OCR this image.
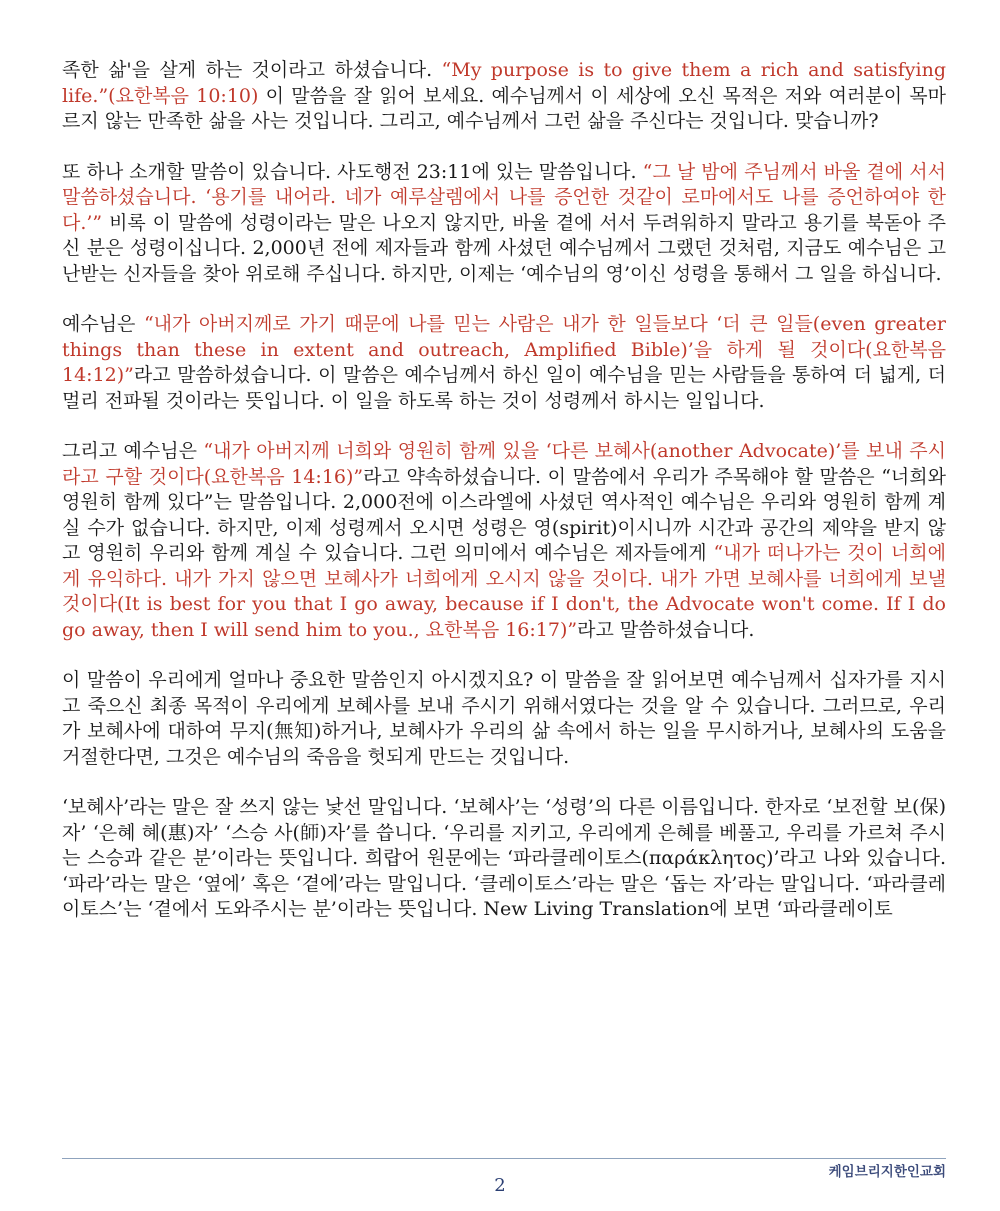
족한 삶'을 살게 하는 것이라고 하셨습니다. “My purpose is to give them a rich and satisfying life.”(요한복음 10:10) 이 말씀을 잘 읽어 보세요. 예수님께서 이 세상에 오신 목적은 저와 여러분이 목마르지 않는 만족한 삶을 사는 것입니다. 그리고, 예수님께서 그런 삶을 주신다는 것입니다. 맞습니까?

또 하나 소개할 말씀이 있습니다. 사도행전 23:11에 있는 말씀입니다. “그 날 밤에 주님께서 바울 곁에 서서 말씀하셨습니다. ‘용기를 내어라. 네가 예루살렘에서 나를 증언한 것같이 로마에서도 나를 증언하여야 한다.’” 비록 이 말씀에 성령이라는 말은 나오지 않지만, 바울 곁에 서서 두려워하지 말라고 용기를 북돋아 주신 분은 성령이십니다. 2,000년 전에 제자들과 함께 사셨던 예수님께서 그랬던 것처럼, 지금도 예수님은 고난받는 신자들을 찾아 위로해 주십니다. 하지만, 이제는 ‘예수님의 영’이신 성령을 통해서 그 일을 하십니다.

예수님은 “내가 아버지께로 가기 때문에 나를 믿는 사람은 내가 한 일들보다 ‘더 큰 일들(even greater things than these in extent and outreach, Amplified Bible)’을 하게 될 것이다(요한복음 14:12)”라고 말씀하셨습니다. 이 말씀은 예수님께서 하신 일이 예수님을 믿는 사람들을 통하여 더 넓게, 더 멀리 전파될 것이라는 뜻입니다. 이 일을 하도록 하는 것이 성령께서 하시는 일입니다.

그리고 예수님은 “내가 아버지께 너희와 영원히 함께 있을 ‘다른 보혜사(another Advocate)’를 보내 주시라고 구할 것이다(요한복음 14:16)”라고 약속하셨습니다. 이 말씀에서 우리가 주목해야 할 말씀은 “너희와 영원히 함께 있다”는 말씀입니다. 2,000전에 이스라엘에 사셨던 역사적인 예수님은 우리와 영원히 함께 계실 수가 없습니다. 하지만, 이제 성령께서 오시면 성령은 영(spirit)이시니까 시간과 공간의 제약을 받지 않고 영원히 우리와 함께 계실 수 있습니다. 그런 의미에서 예수님은 제자들에게 “내가 떠나가는 것이 너희에게 유익하다. 내가 가지 않으면 보혜사가 너희에게 오시지 않을 것이다. 내가 가면 보혜사를 너희에게 보낼 것이다(It is best for you that I go away, because if I don't, the Advocate won't come. If I do go away, then I will send him to you., 요한복음 16:17)”라고 말씀하셨습니다.

이 말씀이 우리에게 얼마나 중요한 말씀인지 아시겠지요? 이 말씀을 잘 읽어보면 예수님께서 십자가를 지시고 죽으신 최종 목적이 우리에게 보혜사를 보내 주시기 위해서였다는 것을 알 수 있습니다. 그러므로, 우리가 보혜사에 대하여 무지(無知)하거나, 보혜사가 우리의 삶 속에서 하는 일을 무시하거나, 보혜사의 도움을 거절한다면, 그것은 예수님의 죽음을 헛되게 만드는 것입니다.

‘보혜사’라는 말은 잘 쓰지 않는 낯선 말입니다. ‘보혜사’는 ‘성령’의 다른 이름입니다. 한자로 ‘보전할 보(保)자’ ‘은혜 혜(惠)자’ ‘스승 사(師)자’를 씁니다. ‘우리를 지키고, 우리에게 은혜를 베풀고, 우리를 가르쳐 주시는 스승과 같은 분’이라는 뜻입니다. 희랍어 원문에는 ‘파라클레이토스(παράκλητος)’라고 나와 있습니다. ‘파라’라는 말은 ‘옆에’ 혹은 ‘곁에’라는 말입니다. ‘클레이토스’라는 말은 ‘돕는 자’라는 말입니다. ‘파라클레이토스’는 ‘곁에서 도와주시는 분’이라는 뜻입니다. New Living Translation에 보면 ‘파라클레이토

케임브리지한인교회
2
